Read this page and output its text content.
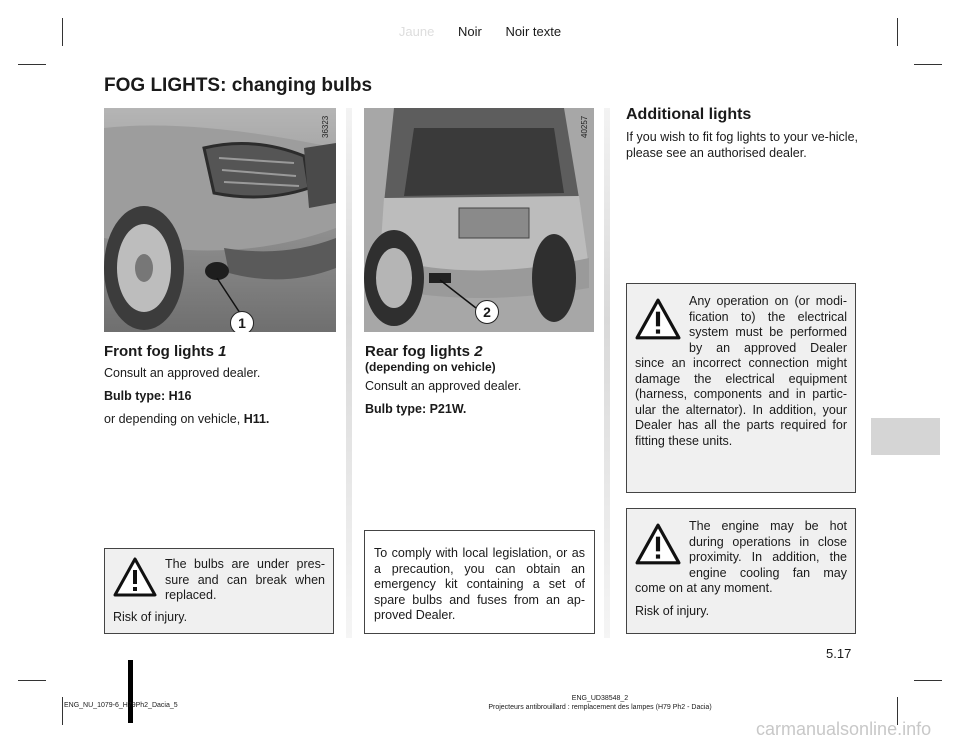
Jaune Noir Noir texte
FOG LIGHTS: changing bulbs
1
36323
2
40257
Front fog lights 1

Consult an approved dealer.

Bulb type: H16

or depending on vehicle, H11.

Rear fog lights 2
(depending on vehicle)

Consult an approved dealer.

Bulb type: P21W.

Additional lights
If you wish to fit fog lights to your ve-hicle, please see an authorised dealer.
The bulbs are under pres-sure and can break when replaced.
Risk of injury.
To comply with local legislation, or as a precaution, you can obtain an emergency kit containing a set of spare bulbs and fuses from an ap-proved Dealer.
Any operation on (or modi-fication to) the electrical system must be performed by an approved Dealer since an incorrect connection might damage the electrical equipment (harness, components and in partic-ular the alternator). In addition, your Dealer has all the parts required for fitting these units.
The engine may be hot during operations in close proximity. In addition, the engine cooling fan may come on at any moment.
Risk of injury.
5.17
ENG_NU_1079-6_H79Ph2_Dacia_5
ENG_UD38548_2
Projecteurs antibrouillard : remplacement des lampes (H79 Ph2 - Dacia)
carmanualsonline.info
